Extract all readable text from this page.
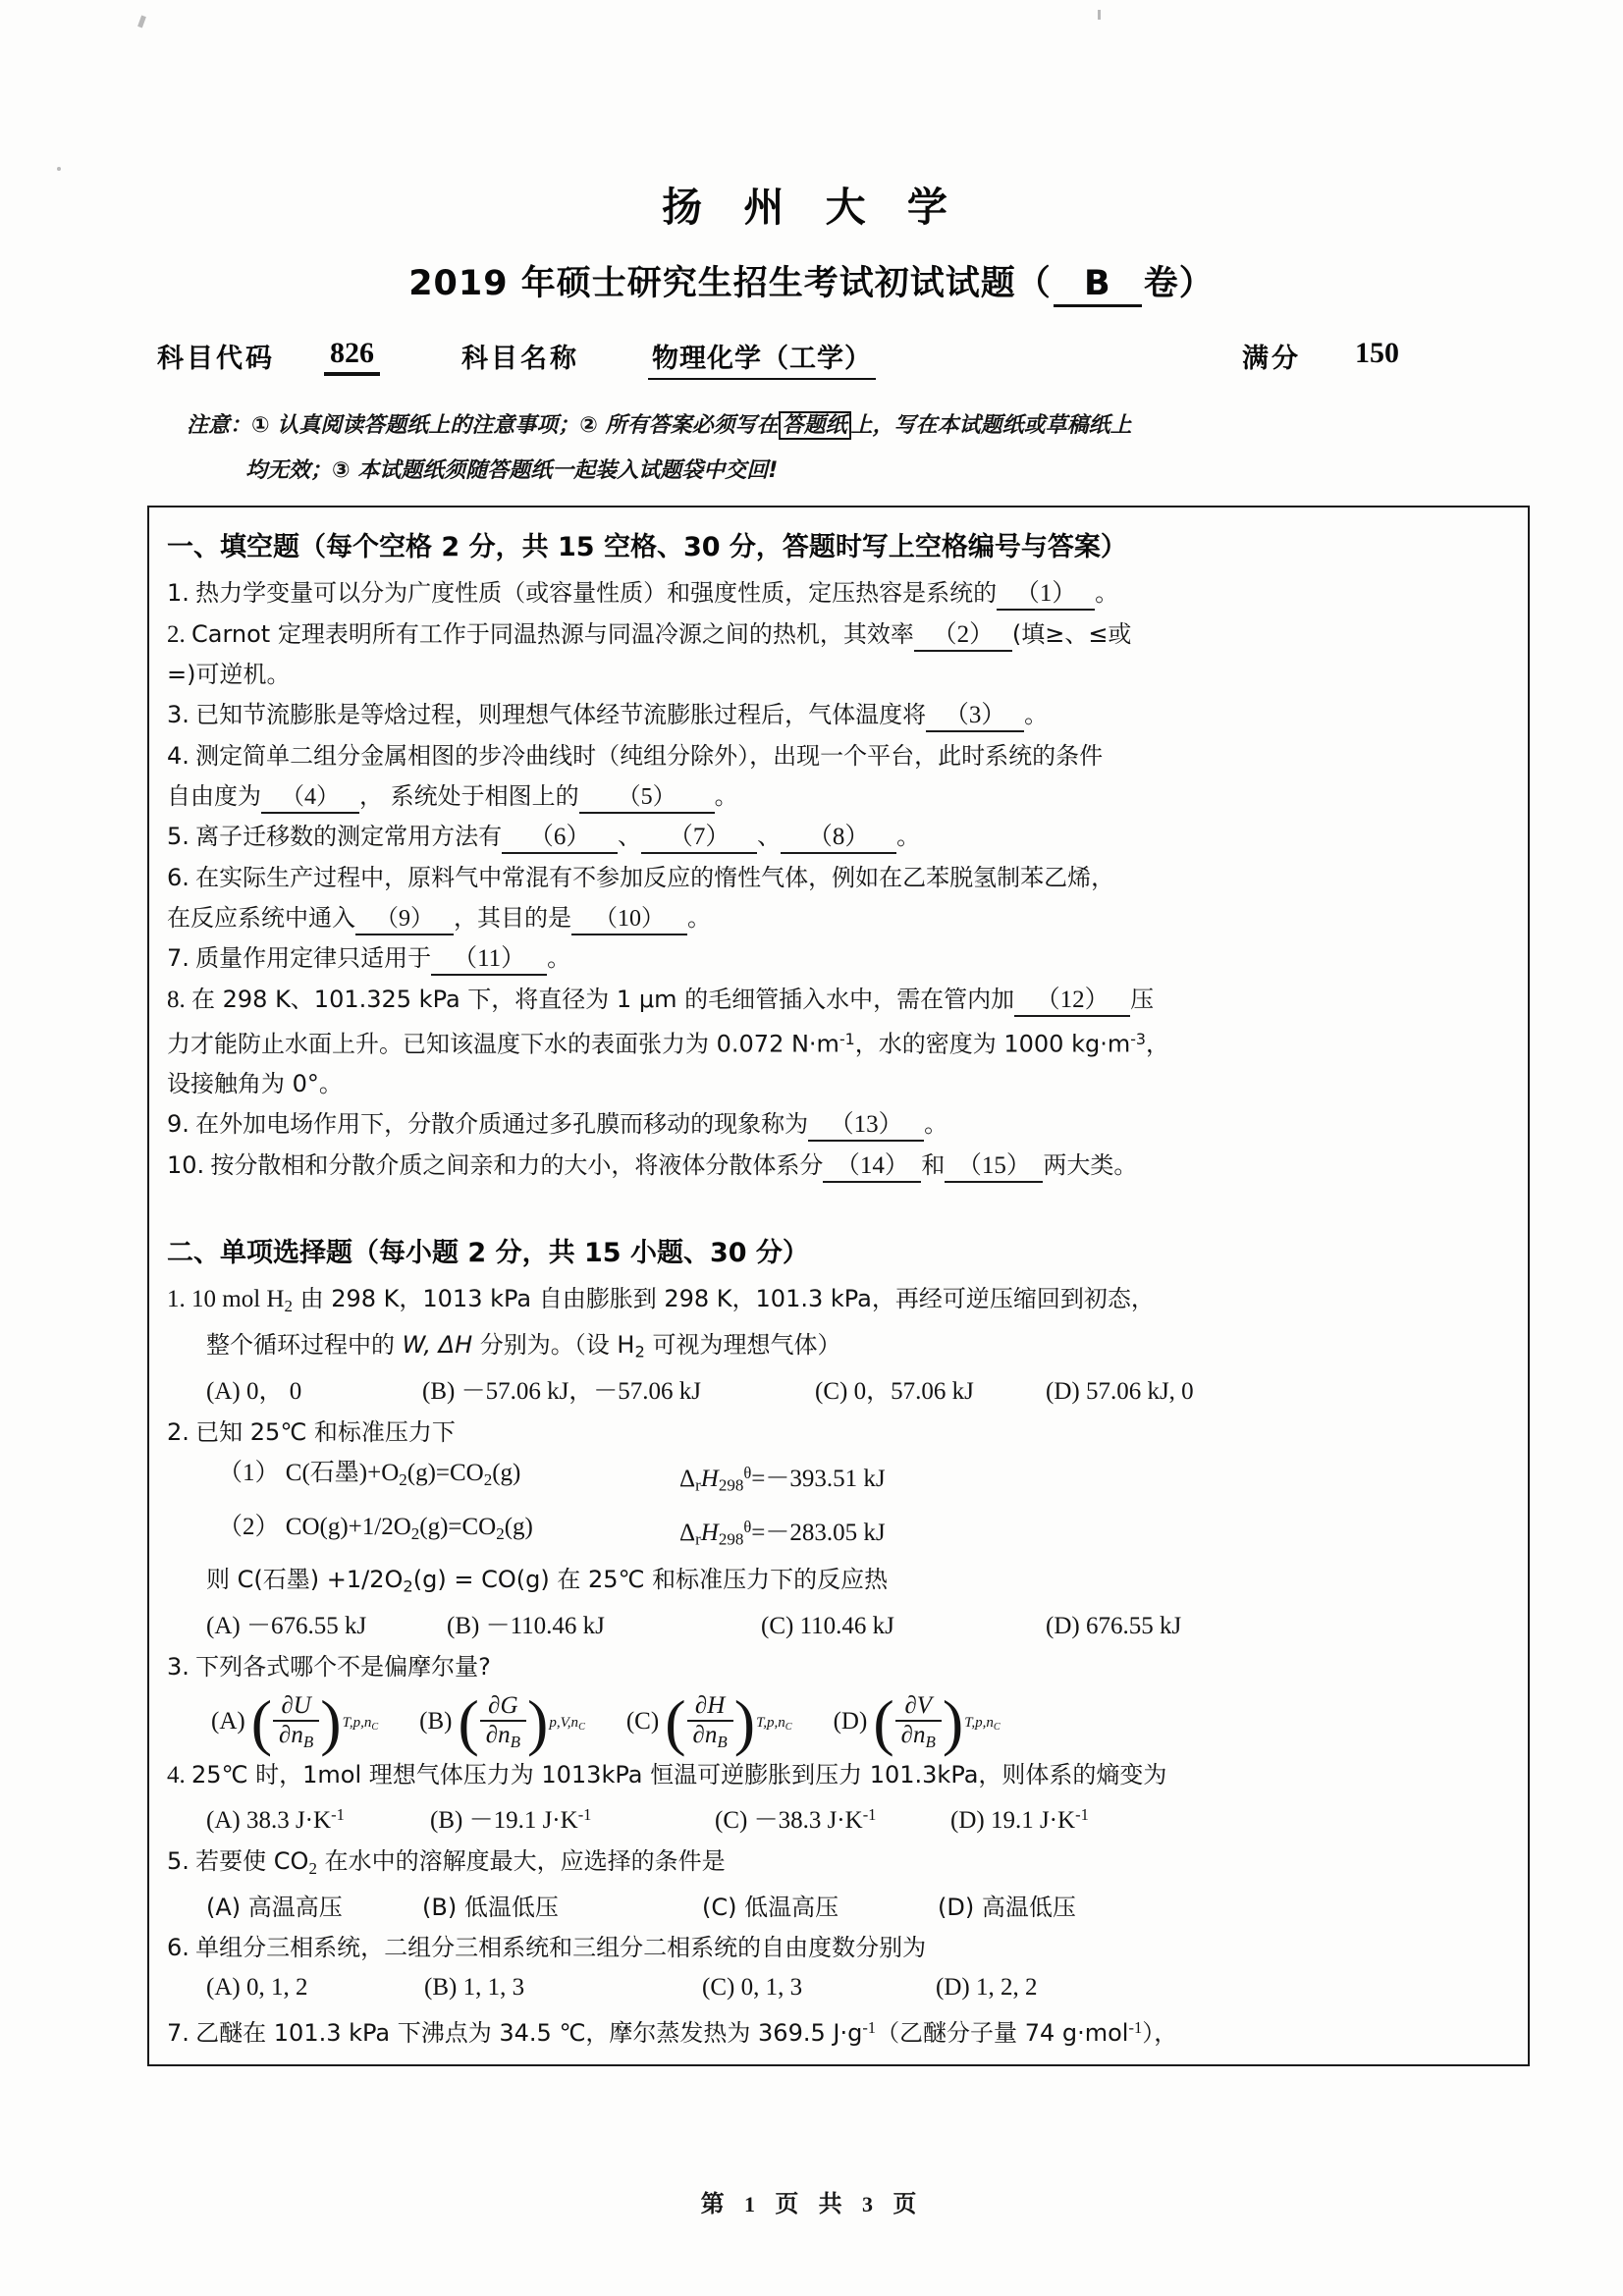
扬 州 大 学
2019 年硕士研究生招生考试初试试题（ B 卷）
科目代码 826	科目名称	物理化学（工学）	满分 150
注意：① 认真阅读答题纸上的注意事项；② 所有答案必须写在 答题纸 上，写在本试题纸或草稿纸上
均无效；③ 本试题纸须随答题纸一起装入试题袋中交回!
一、填空题（每个空格 2 分，共 15 空格、30 分，答题时写上空格编号与答案）
1. 热力学变量可以分为广度性质（或容量性质）和强度性质，定压热容是系统的 （1） 。
2. Carnot 定理表明所有工作于同温热源与同温冷源之间的热机，其效率 （2） (填≥、≤或
=)可逆机。
3. 已知节流膨胀是等焓过程，则理想气体经节流膨胀过程后，气体温度将 （3） 。
4. 测定简单二组分金属相图的步冷曲线时（纯组分除外），出现一个平台，此时系统的条件
自由度为 （4） ， 系统处于相图上的 （5） 。
5. 离子迁移数的测定常用方法有 （6） 、 （7） 、 （8） 。
6. 在实际生产过程中，原料气中常混有不参加反应的惰性气体，例如在乙苯脱氢制苯乙烯，
在反应系统中通入 （9） ，其目的是 （10） 。
7. 质量作用定律只适用于 （11） 。
8. 在 298 K、101.325 kPa 下，将直径为 1 μm 的毛细管插入水中，需在管内加 （12） 压
力才能防止水面上升。已知该温度下水的表面张力为 0.072 $N\cdot m^{-1}$，水的密度为 1000 $kg\cdot m^{-3}$，
设接触角为 0°。
9. 在外加电场作用下，分散介质通过多孔膜而移动的现象称为 （13） 。
10. 按分散相和分散介质之间亲和力的大小，将液体分散体系分 （14） 和 （15） 两大类。
二、单项选择题（每小题 2 分，共 15 小题、30 分）
1. 10 mol $H_2$ 由 298 K，1013 kPa 自由膨胀到 298 K，101.3 kPa，再经可逆压缩回到初态，
整个循环过程中的 W, ΔH 分别为。（设 $H_2$ 可视为理想气体）
(A) 0， 0	(B) －57.06 kJ，－57.06 kJ	(C) 0，57.06 kJ	(D) 57.06 kJ, 0
2. 已知 25℃ 和标准压力下
（1） C(石墨)$+O_2(g)=CO_2(g)$	$\Delta_rH_{298}^\theta=-393.51$ kJ
（2） $CO(g)+1/2O_2(g)=CO_2(g)$	$\Delta_rH_{298}^\theta=-283.05$ kJ
则 C(石墨) $+1/2O_2(g) = CO(g)$ 在 25℃ 和标准压力下的反应热
(A) －676.55 kJ	(B) －110.46 kJ	(C) 110.46 kJ	(D) 676.55 kJ
3. 下列各式哪个不是偏摩尔量?
(A) ( $\frac{\partial U}{\partial n_B}$ ) $T,p,n_C$ (B) ( $\frac{\partial G}{\partial n_B}$ ) $p,V,n_C$ (C) ( $\frac{\partial H}{\partial n_B}$ ) $T,p,n_C$ (D) ( $\frac{\partial V}{\partial n_B}$ ) $T,p,n_C$
4. 25℃ 时，1mol 理想气体压力为 1013kPa 恒温可逆膨胀到压力 101.3kPa，则体系的熵变为
(A) 38.3 $J\cdot K^{-1}$	(B) －19.1 $J\cdot K^{-1}$	(C) －38.3 $J\cdot K^{-1}$	(D) 19.1 $J\cdot K^{-1}$
5. 若要使 $CO_2$ 在水中的溶解度最大，应选择的条件是
(A) 高温高压	(B) 低温低压	(C) 低温高压	(D) 高温低压
6. 单组分三相系统，二组分三相系统和三组分二相系统的自由度数分别为
(A) 0, 1, 2	(B) 1, 1, 3	(C) 0, 1, 3	(D) 1, 2, 2
7. 乙醚在 101.3 kPa 下沸点为 34.5 ℃，摩尔蒸发热为 369.5 $J\cdot g^{-1}$（乙醚分子量 74 g·mol$^{-1}$），
第 1 页 共 3 页
